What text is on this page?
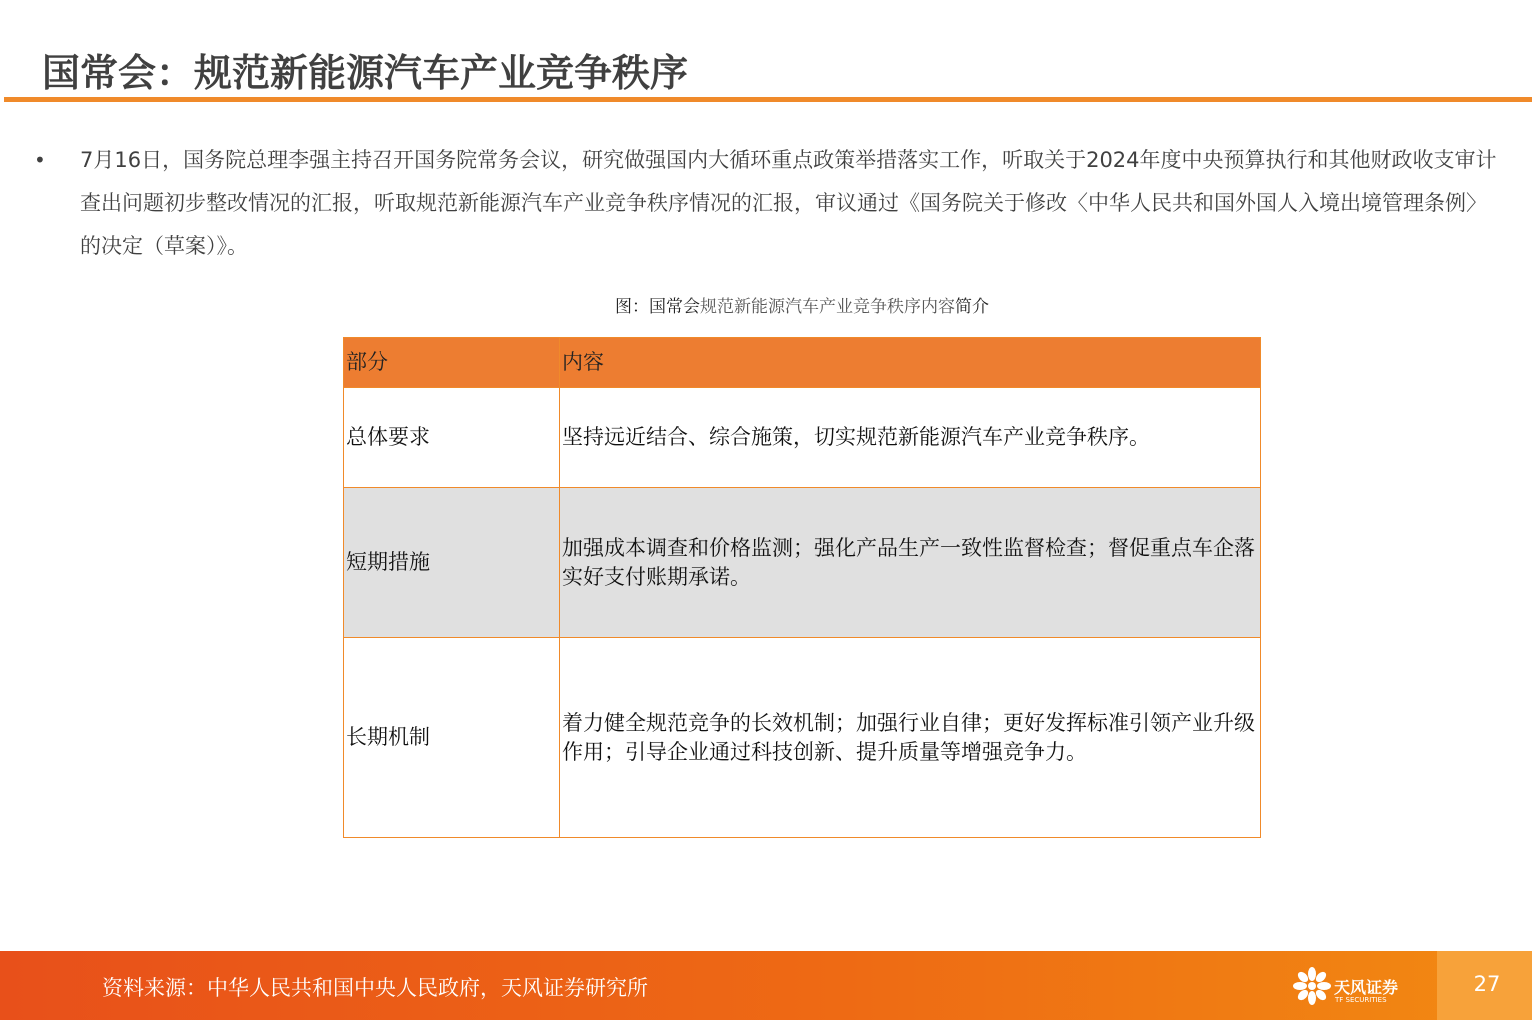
国常会：规范新能源汽车产业竞争秩序
• 7月16日，国务院总理李强主持召开国务院常务会议，研究做强国内大循环重点政策举措落实工作，听取关于2024年度中央预算执行和其他财政收支审计查出问题初步整改情况的汇报，听取规范新能源汽车产业竞争秩序情况的汇报，审议通过《国务院关于修改〈中华人民共和国外国人入境出境管理条例〉的决定（草案）》。
图：国常会规范新能源汽车产业竞争秩序内容简介
部分	内容
总体要求	坚持远近结合、综合施策，切实规范新能源汽车产业竞争秩序。
短期措施	加强成本调查和价格监测；强化产品生产一致性监督检查；督促重点车企落实好支付账期承诺。
长期机制	着力健全规范竞争的长效机制；加强行业自律；更好发挥标准引领产业升级作用；引导企业通过科技创新、提升质量等增强竞争力。
资料来源：中华人民共和国中央人民政府，天风证券研究所	天风证券
TF SECURITIES
27
